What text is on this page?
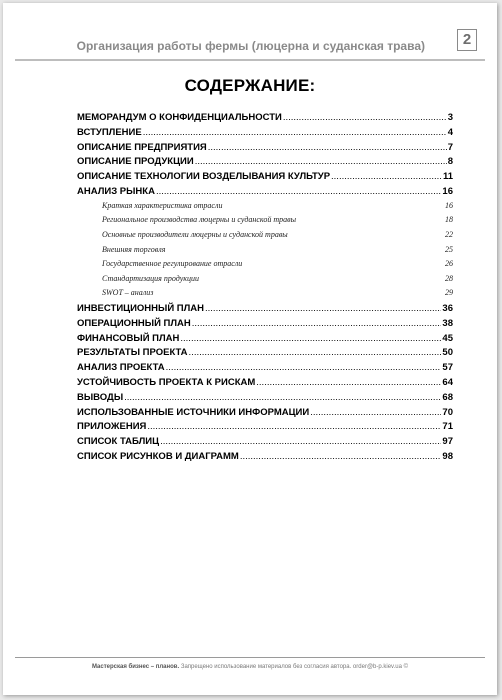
Организация работы фермы (люцерна и суданская трава)	2
СОДЕРЖАНИЕ:
МЕМОРАНДУМ О КОНФИДЕНЦИАЛЬНОСТИ .....	3
ВСТУПЛЕНИЕ .....	4
ОПИСАНИЕ ПРЕДПРИЯТИЯ .....	7
ОПИСАНИЕ ПРОДУКЦИИ .....	8
ОПИСАНИЕ ТЕХНОЛОГИИ ВОЗДЕЛЫВАНИЯ КУЛЬТУР .....	11
АНАЛИЗ РЫНКА .....	16
Краткая характеристика отрасли	16
Региональное производства люцерны и суданской травы	18
Основные производители люцерны и суданской травы	22
Внешняя торговля	25
Государственное регулирование отрасли	26
Стандартизация продукции	28
SWOT – анализ	29
ИНВЕСТИЦИОННЫЙ ПЛАН .....	36
ОПЕРАЦИОННЫЙ ПЛАН .....	38
ФИНАНСОВЫЙ ПЛАН .....	45
РЕЗУЛЬТАТЫ ПРОЕКТА .....	50
АНАЛИЗ ПРОЕКТА .....	57
УСТОЙЧИВОСТЬ ПРОЕКТА К РИСКАМ .....	64
ВЫВОДЫ .....	68
ИСПОЛЬЗОВАННЫЕ ИСТОЧНИКИ ИНФОРМАЦИИ .....	70
ПРИЛОЖЕНИЯ .....	71
СПИСОК ТАБЛИЦ .....	97
СПИСОК РИСУНКОВ И ДИАГРАММ .....	98
Мастерская бизнес – планов. Запрещено использование материалов без согласия автора. order@b-p.kiev.ua ©
